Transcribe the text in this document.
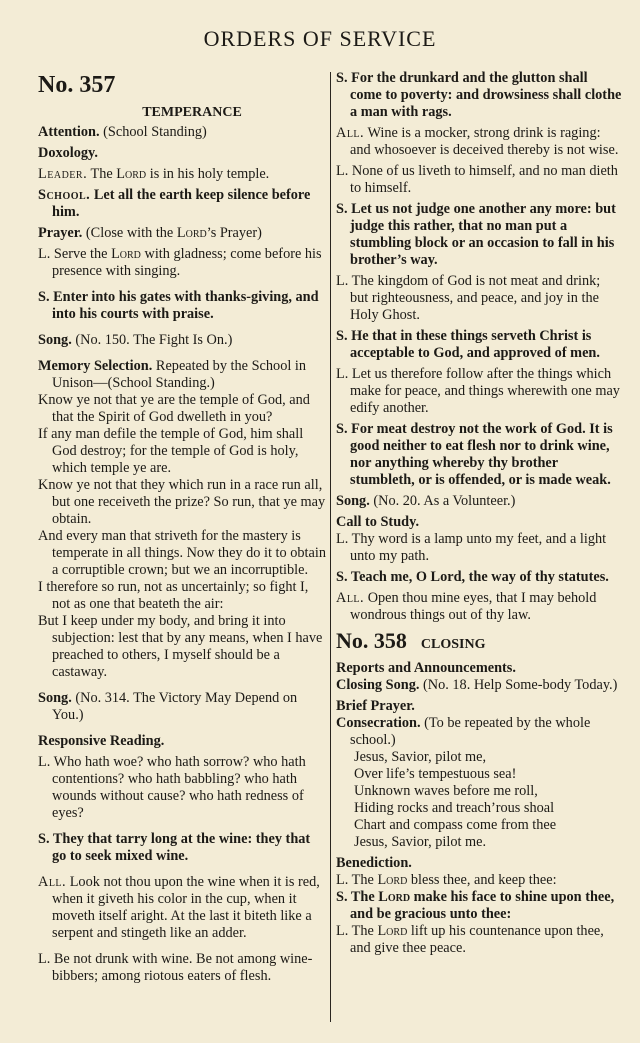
ORDERS OF SERVICE
No. 357
TEMPERANCE
Attention. (School Standing)
Doxology.
Leader. The Lord is in his holy temple.
School. Let all the earth keep silence before him.
Prayer. (Close with the Lord’s Prayer)
L. Serve the Lord with gladness; come before his presence with singing.
S. Enter into his gates with thanks-giving, and into his courts with praise.
Song. (No. 150. The Fight Is On.)
Memory Selection. Repeated by the School in Unison—(School Standing.)
Know ye not that ye are the temple of God, and that the Spirit of God dwelleth in you?
If any man defile the temple of God, him shall God destroy; for the temple of God is holy, which temple ye are.
Know ye not that they which run in a race run all, but one receiveth the prize? So run, that ye may obtain.
And every man that striveth for the mastery is temperate in all things. Now they do it to obtain a corruptible crown; but we an incorruptible.
I therefore so run, not as uncertainly; so fight I, not as one that beateth the air:
But I keep under my body, and bring it into subjection: lest that by any means, when I have preached to others, I myself should be a castaway.
Song. (No. 314. The Victory May Depend on You.)
Responsive Reading.
L. Who hath woe? who hath sorrow? who hath contentions? who hath babbling? who hath wounds without cause? who hath redness of eyes?
S. They that tarry long at the wine: they that go to seek mixed wine.
All. Look not thou upon the wine when it is red, when it giveth his color in the cup, when it moveth itself aright. At the last it biteth like a serpent and stingeth like an adder.
L. Be not drunk with wine. Be not among wine-bibbers; among riotous eaters of flesh.
S. For the drunkard and the glutton shall come to poverty: and drowsiness shall clothe a man with rags.
All. Wine is a mocker, strong drink is raging: and whosoever is deceived thereby is not wise.
L. None of us liveth to himself, and no man dieth to himself.
S. Let us not judge one another any more: but judge this rather, that no man put a stumbling block or an occasion to fall in his brother’s way.
L. The kingdom of God is not meat and drink; but righteousness, and peace, and joy in the Holy Ghost.
S. He that in these things serveth Christ is acceptable to God, and approved of men.
L. Let us therefore follow after the things which make for peace, and things wherewith one may edify another.
S. For meat destroy not the work of God. It is good neither to eat flesh nor to drink wine, nor anything whereby thy brother stumbleth, or is offended, or is made weak.
Song. (No. 20. As a Volunteer.)
Call to Study.
L. Thy word is a lamp unto my feet, and a light unto my path.
S. Teach me, O Lord, the way of thy statutes.
All. Open thou mine eyes, that I may behold wondrous things out of thy law.
No. 358 CLOSING
Reports and Announcements.
Closing Song. (No. 18. Help Some-body Today.)
Brief Prayer.
Consecration. (To be repeated by the whole school.)
Jesus, Savior, pilot me,
Over life’s tempestuous sea!
Unknown waves before me roll,
Hiding rocks and treach’rous shoal
Chart and compass come from thee
Jesus, Savior, pilot me.
Benediction.
L. The Lord bless thee, and keep thee:
S. The Lord make his face to shine upon thee, and be gracious unto thee:
L. The Lord lift up his countenance upon thee, and give thee peace.
